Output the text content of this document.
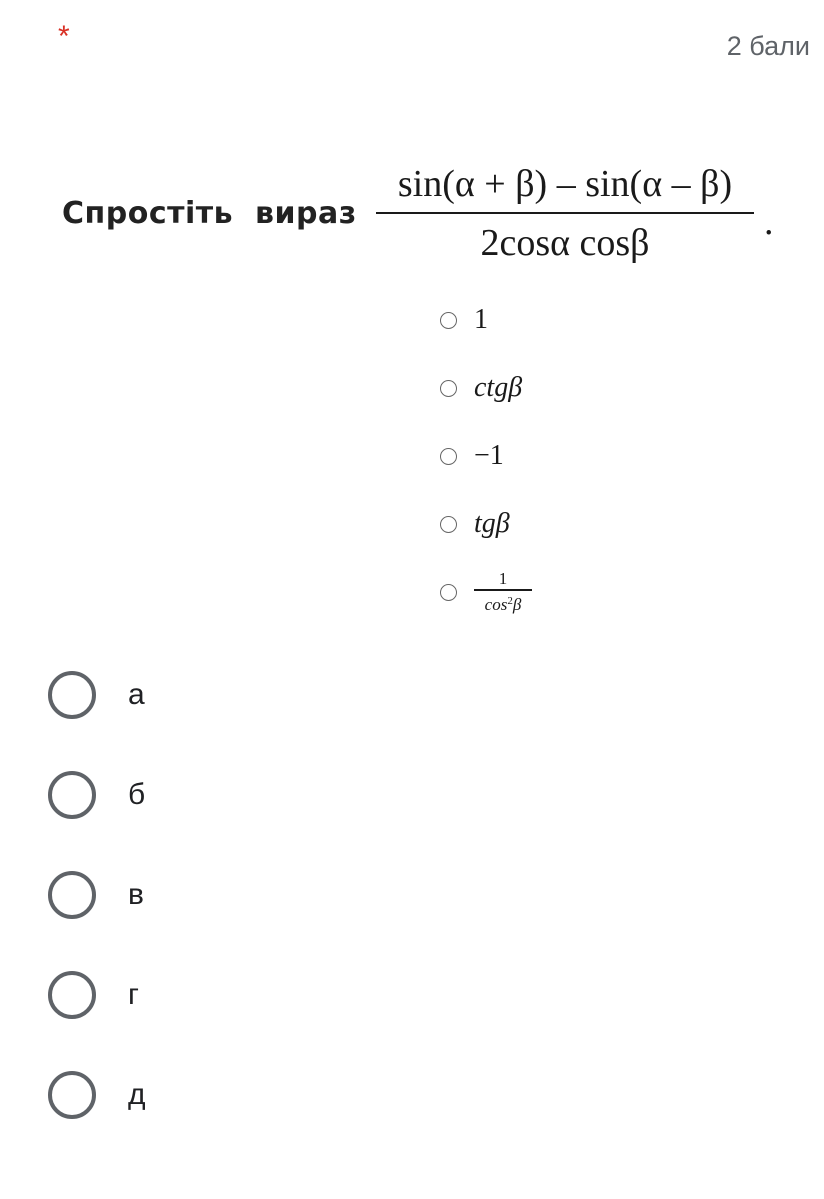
*	2 бали
Спростіть  вираз
sin(α + β) – sin(α – β)
2cosα cosβ	.
1
ctgβ
−1
tgβ
$\frac{1}{\cos^2\beta}$
а
б
в
г
д
